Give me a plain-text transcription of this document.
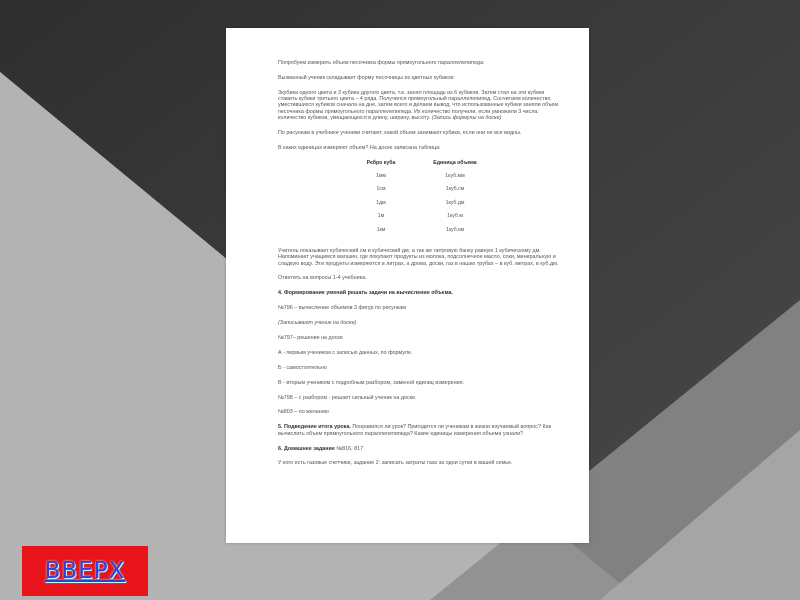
Попробуем измерить объем песочника формы прямоугольного параллелепипеда:

Вызванный ученик складывает форму песочницы из цветных кубиков:

Зкубика одного цвета и 3 кубика другого цвета, т.е. занял площадь из 6 кубиков. Затем стал на эти кубики ставить кубики третьего цвета – 4 ряда. Получился прямоугольный параллелепипед. Сосчитаем количество уместившихся кубиков сначала на дне, затем всего и делаем вывод, что использованные кубики заняли объем песочника формы прямоугольного параллелепипеда. Их количество получили, если умножили 3 числа: количество кубиков, умещающихся в длину, ширину, высоту. (Запись формулы на доске)

По рисункам в учебнике ученики считают, какой объем занимают кубики, если они не все видны.

В каких единицах измеряют объем? На доске записана таблица:

Ребро куба	Единица объема
1мм	1куб.мм
1см	1куб.см
1дм	1куб.дм
1м	1куб.м
1км	1куб.км

Учитель показывает кубический см и кубический дм, а так же литровую банку равную 1 кубическому дм. Напоминает учащимся магазин, где покупают продукты из молока, подсолнечное масло, соки, минеральную и сладкую воду. Эти продукты измеряются в литрах, а дрова, доски, газ в наших трубах – в куб. метрах, в куб.дм.

Ответить на вопросы 1-4 учебника.

4. Формирование умений решать задачи на вычисление объема.

№796 – вычисление объемов 3 фигур по рисункам

(Записывают ученик на доске)

№797– решение на доске

А - первым учеником с записью данных, по формуле.

Б - самостоятельно

В - вторым учеником с подробным разбором, заменой единиц измерения.

№798 – с разбором - решает сильный ученик на доске.

№803 – по желанию

5. Подведение итога урока. Понравился ли урок? Пригодится ли ученикам в жизни изучаемый вопрос? Как вычислить объем прямоугольного параллелепипеда? Какие единицы измерения объема узнали?

6. Домашнее задание №816, 817

У кого есть газовые счетчики, задание 2: записать затраты газа за одни сутки в вашей семье.

ВВЕРХ
